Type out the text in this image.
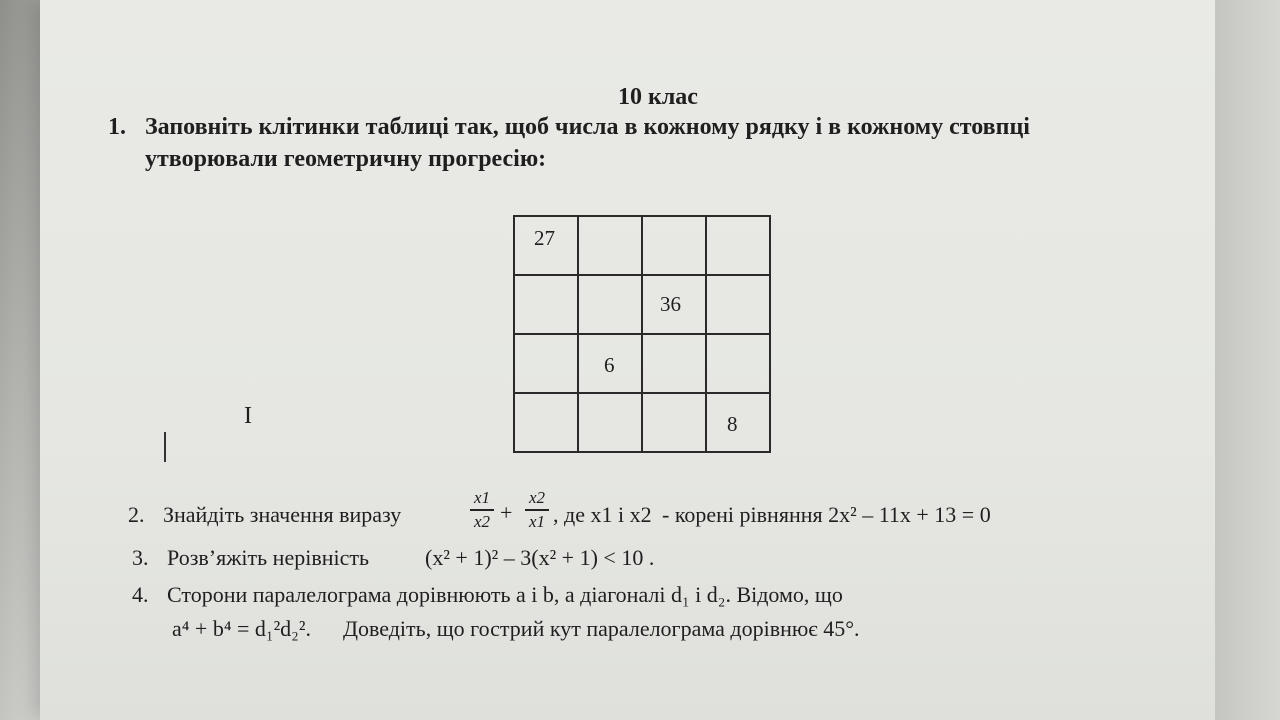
10 клас
1. Заповніть клітинки таблиці так, щоб числа в кожному рядку і в кожному стовпці
утворювали геометричну прогресію:
27			

		36	

	6		

			8
I
2. Знайдіть значення виразу
x1
x2 +
x2
x1 , де x1 і x2 - корені рівняння 2x² – 11x + 13 = 0
3. Розв’яжіть нерівність	(x² + 1)² – 3(x² + 1) < 10 .
4. Сторони паралелограма дорівнюють a і b, а діагоналі d₁ і d₂. Відомо, що
a⁴ + b⁴ = d₁²d₂². Доведіть, що гострий кут паралелограма дорівнює 45°.
